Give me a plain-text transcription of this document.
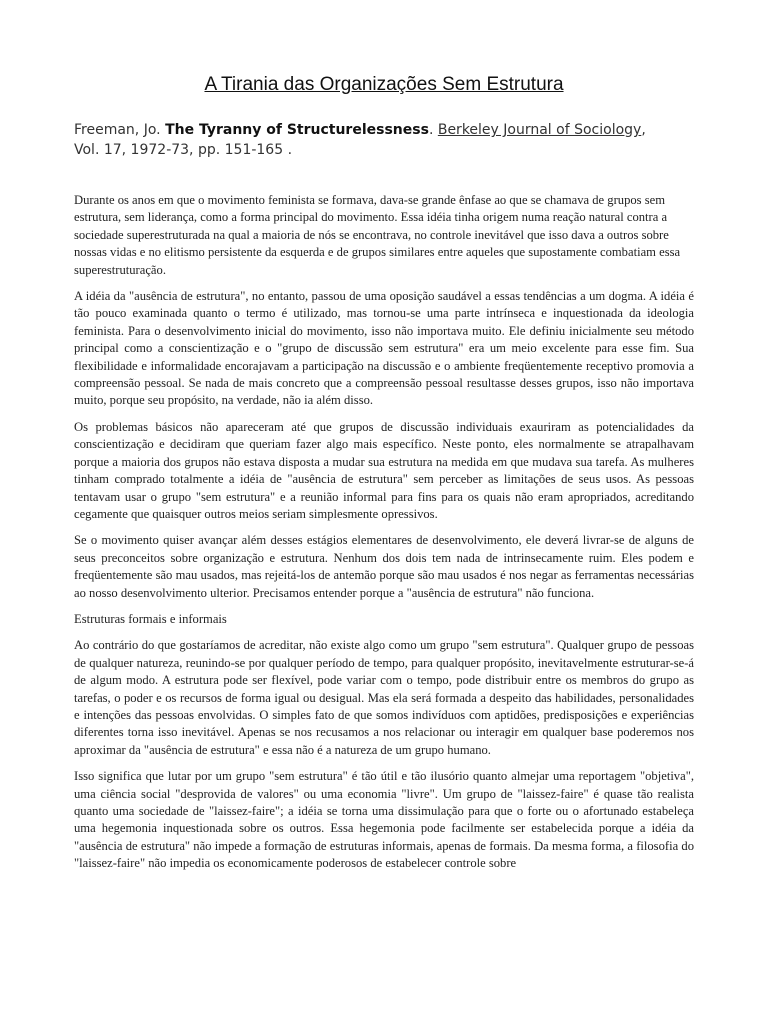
A Tirania das Organizações Sem Estrutura

Freeman, Jo. The Tyranny of Structurelessness. Berkeley Journal of Sociology, Vol. 17, 1972-73, pp. 151-165 .

Durante os anos em que o movimento feminista se formava, dava-se grande ênfase ao que se chamava de grupos sem estrutura, sem liderança, como a forma principal do movimento. Essa idéia tinha origem numa reação natural contra a sociedade superestruturada na qual a maioria de nós se encontrava, no controle inevitável que isso dava a outros sobre nossas vidas e no elitismo persistente da esquerda e de grupos similares entre aqueles que supostamente combatiam essa superestruturação.

A idéia da "ausência de estrutura", no entanto, passou de uma oposição saudável a essas tendências a um dogma. A idéia é tão pouco examinada quanto o termo é utilizado, mas tornou-se uma parte intrínseca e inquestionada da ideologia feminista. Para o desenvolvimento inicial do movimento, isso não importava muito. Ele definiu inicialmente seu método principal como a conscientização e o "grupo de discussão sem estrutura" era um meio excelente para esse fim. Sua flexibilidade e informalidade encorajavam a participação na discussão e o ambiente freqüentemente receptivo promovia a compreensão pessoal. Se nada de mais concreto que a compreensão pessoal resultasse desses grupos, isso não importava muito, porque seu propósito, na verdade, não ia além disso.

Os problemas básicos não apareceram até que grupos de discussão individuais exauriram as potencialidades da conscientização e decidiram que queriam fazer algo mais específico. Neste ponto, eles normalmente se atrapalhavam porque a maioria dos grupos não estava disposta a mudar sua estrutura na medida em que mudava sua tarefa. As mulheres tinham comprado totalmente a idéia de "ausência de estrutura" sem perceber as limitações de seus usos. As pessoas tentavam usar o grupo "sem estrutura" e a reunião informal para fins para os quais não eram apropriados, acreditando cegamente que quaisquer outros meios seriam simplesmente opressivos.

Se o movimento quiser avançar além desses estágios elementares de desenvolvimento, ele deverá livrar-se de alguns de seus preconceitos sobre organização e estrutura. Nenhum dos dois tem nada de intrinsecamente ruim. Eles podem e freqüentemente são mau usados, mas rejeitá-los de antemão porque são mau usados é nos negar as ferramentas necessárias ao nosso desenvolvimento ulterior. Precisamos entender porque a "ausência de estrutura" não funciona.

Estruturas formais e informais

Ao contrário do que gostaríamos de acreditar, não existe algo como um grupo "sem estrutura". Qualquer grupo de pessoas de qualquer natureza, reunindo-se por qualquer período de tempo, para qualquer propósito, inevitavelmente estruturar-se-á de algum modo. A estrutura pode ser flexível, pode variar com o tempo, pode distribuir entre os membros do grupo as tarefas, o poder e os recursos de forma igual ou desigual. Mas ela será formada a despeito das habilidades, personalidades e intenções das pessoas envolvidas. O simples fato de que somos indivíduos com aptidões, predisposições e experiências diferentes torna isso inevitável. Apenas se nos recusamos a nos relacionar ou interagir em qualquer base poderemos nos aproximar da "ausência de estrutura" e essa não é a natureza de um grupo humano.

Isso significa que lutar por um grupo "sem estrutura" é tão útil e tão ilusório quanto almejar uma reportagem "objetiva", uma ciência social "desprovida de valores" ou uma economia "livre". Um grupo de "laissez-faire" é quase tão realista quanto uma sociedade de "laissez-faire"; a idéia se torna uma dissimulação para que o forte ou o afortunado estabeleça uma hegemonia inquestionada sobre os outros. Essa hegemonia pode facilmente ser estabelecida porque a idéia da "ausência de estrutura" não impede a formação de estruturas informais, apenas de formais. Da mesma forma, a filosofia do "laissez-faire" não impedia os economicamente poderosos de estabelecer controle sobre
